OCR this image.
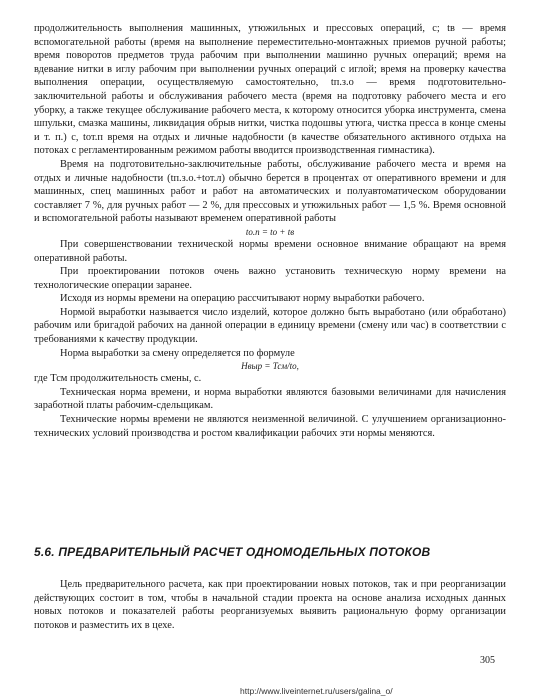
продолжительность выполнения машинных, утюжильных и прессовых операций, с; tв — время вспомогательной работы (время на выполнение переместительно-монтажных приемов ручной работы; время поворотов предметов труда рабочим при выполнении машинно ручных операций; время на вдевание нитки в иглу рабочим при выполнении ручных операций с иглой; время на проверку качества выполнения операции, осуществляемую самостоятельно, tп.з.о — время подготовительно-заключительной работы и обслуживания рабочего места (время на подготовку рабочего места и его уборку, а также текущее обслуживание рабочего места, к которому относится уборка инструмента, смена шпульки, смазка машины, ликвидация обрыв нитки, чистка подошвы утюга, чистка пресса в конце смены и т. п.) с, tот.п время на отдых и личные надобности (в качестве обязательного активного отдыха на потоках с регламентированным режимом работы вводится производственная гимнастика).

Время на подготовительно-заключительные работы, обслуживание рабочего места и время на отдых и личные надобности (tп.з.о.+tот.л) обычно берется в процентах от оперативного времени и для машинных, спец машинных работ и работ на автоматических и полуавтоматическом оборудовании составляет 7 %, для ручных работ — 2 %, для прессовых и утюжильных работ — 1,5 %. Время основной и вспомогательной работы называют временем оперативной работы

tо.п = tо + tв

При совершенствовании технической нормы времени основное внимание обращают на время оперативной работы.

При проектировании потоков очень важно установить техническую норму времени на технологические операции заранее.

Исходя из нормы времени на операцию рассчитывают норму выработки рабочего.

Нормой выработки называется число изделий, которое должно быть выработано (или обработано) рабочим или бригадой рабочих на данной операции в единицу времени (смену или час) в соответствии с требованиями к качеству продукции.

Норма выработки за смену определяется по формуле

Нвыр = Тсм/tо,

где Тсм продолжительность смены, с.

Техническая норма времени, и норма выработки являются базовыми величинами для начисления заработной платы рабочим-сдельщикам.

Технические нормы времени не являются неизменной величиной. С улучшением организационно-технических условий производства и ростом квалификации рабочих эти нормы меняются.

5.6. ПРЕДВАРИТЕЛЬНЫЙ РАСЧЕТ ОДНОМОДЕЛЬНЫХ ПОТОКОВ

Цель предварительного расчета, как при проектировании новых потоков, так и при реорганизации действующих состоит в том, чтобы в начальной стадии проекта на основе анализа исходных данных новых потоков и показателей работы реорганизуемых выявить рациональную форму организации потоков и разместить их в цехе.

305
http://www.liveinternet.ru/users/galina_o/
